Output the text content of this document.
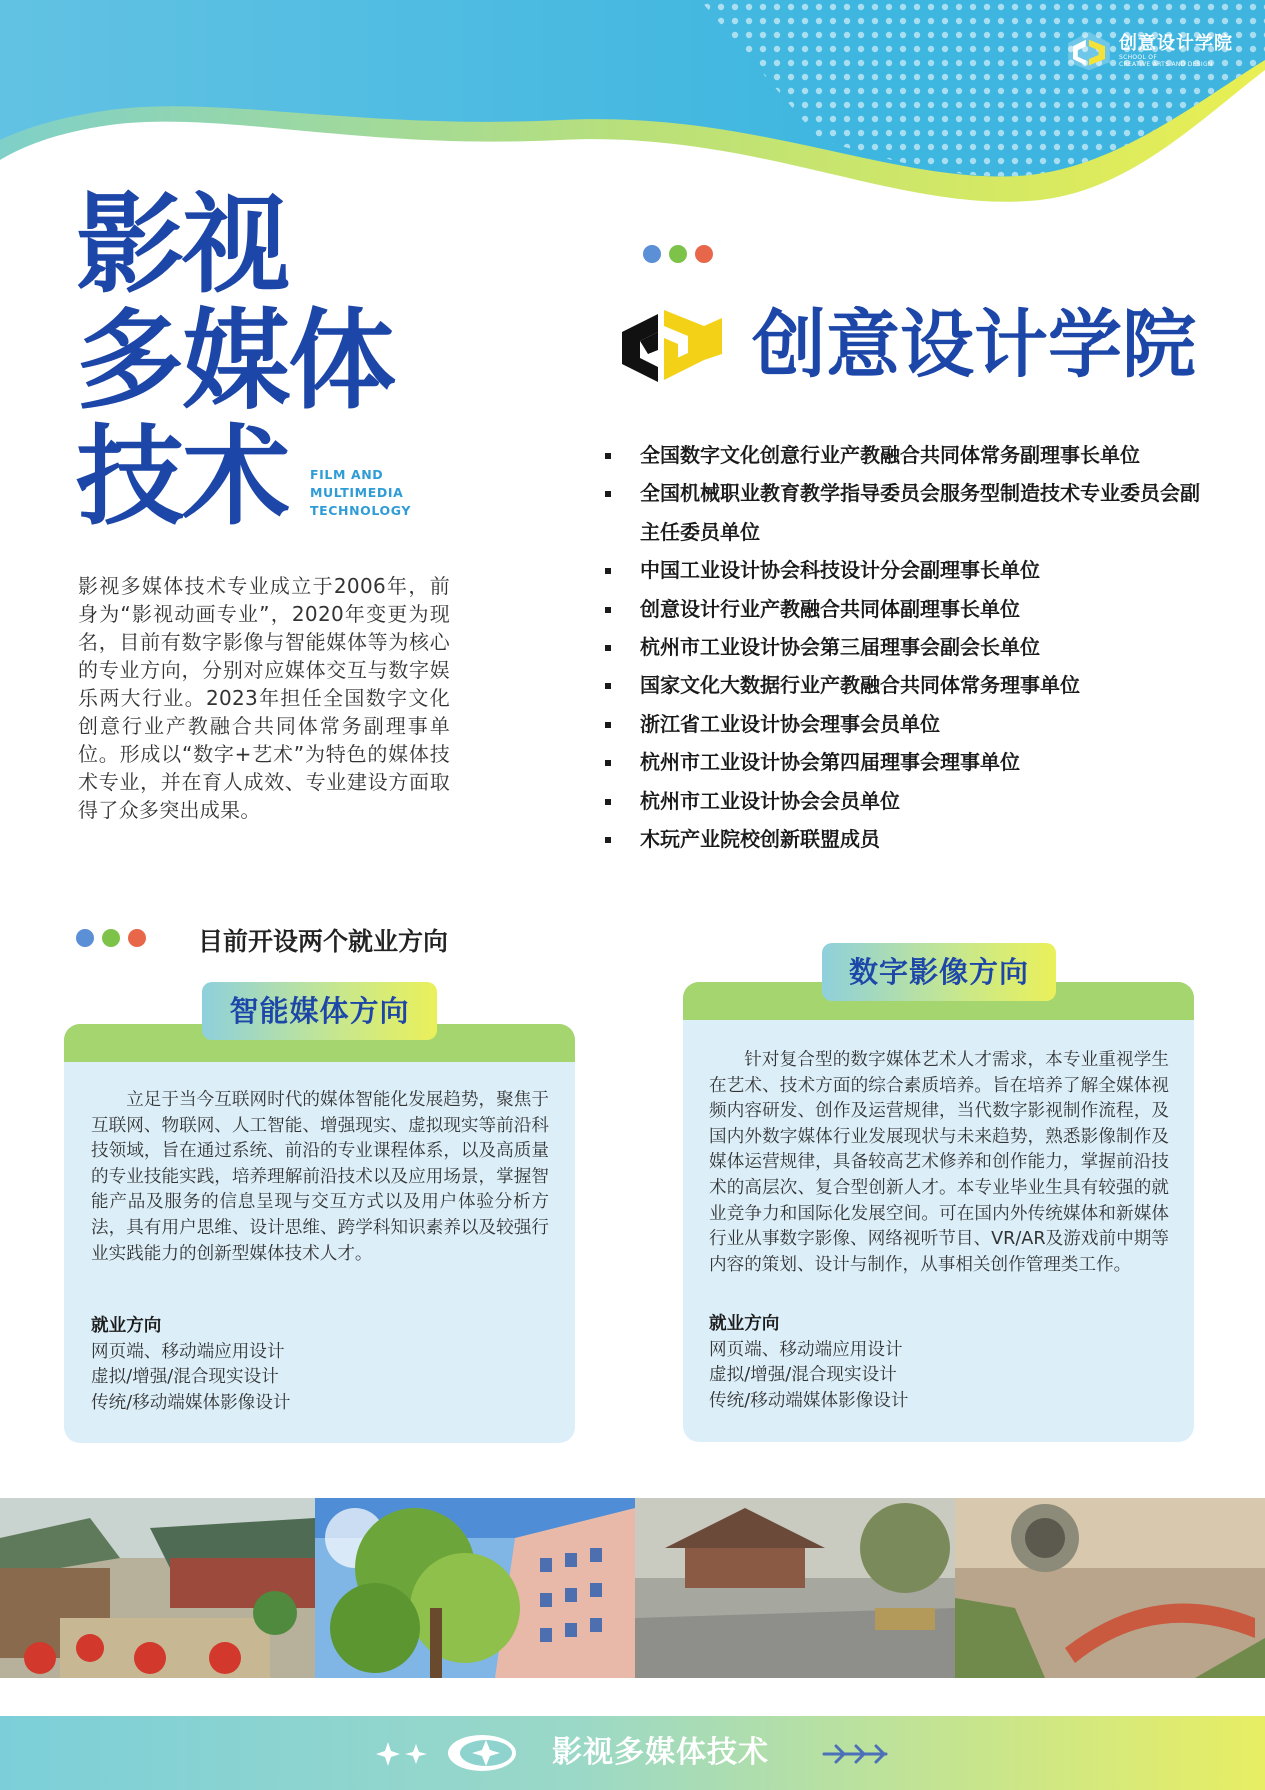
创意设计学院
SCHOOL OF
CREATIVE ARTS AND DESIGN
影视
多媒体
技术	FILM AND
MULTIMEDIA
TECHNOLOGY
影视多媒体技术专业成立于2006年，前身为“影视动画专业”，2020年变更为现名，目前有数字影像与智能媒体等为核心的专业方向，分别对应媒体交互与数字娱乐两大行业。2023年担任全国数字文化创意行业产教融合共同体常务副理事单位。形成以“数字+艺术”为特色的媒体技术专业，并在育人成效、专业建设方面取得了众多突出成果。
创意设计学院
全国数字文化创意行业产教融合共同体常务副理事长单位
全国机械职业教育教学指导委员会服务型制造技术专业委员会副主任委员单位
中国工业设计协会科技设计分会副理事长单位
创意设计行业产教融合共同体副理事长单位
杭州市工业设计协会第三届理事会副会长单位
国家文化大数据行业产教融合共同体常务理事单位
浙江省工业设计协会理事会员单位
杭州市工业设计协会第四届理事会理事单位
杭州市工业设计协会会员单位
木玩产业院校创新联盟成员
目前开设两个就业方向

立足于当今互联网时代的媒体智能化发展趋势，聚焦于互联网、物联网、人工智能、增强现实、虚拟现实等前沿科技领域，旨在通过系统、前沿的专业课程体系，以及高质量的专业技能实践，培养理解前沿技术以及应用场景，掌握智能产品及服务的信息呈现与交互方式以及用户体验分析方法，具有用户思维、设计思维、跨学科知识素养以及较强行业实践能力的创新型媒体技术人才。

就业方向
网页端、移动端应用设计
虚拟/增强/混合现实设计
传统/移动端媒体影像设计
智能媒体方向

针对复合型的数字媒体艺术人才需求，本专业重视学生在艺术、技术方面的综合素质培养。旨在培养了解全媒体视频内容研发、创作及运营规律，当代数字影视制作流程，及国内外数字媒体行业发展现状与未来趋势，熟悉影像制作及媒体运营规律，具备较高艺术修养和创作能力，掌握前沿技术的高层次、复合型创新人才。本专业毕业生具有较强的就业竞争力和国际化发展空间。可在国内外传统媒体和新媒体行业从事数字影像、网络视听节目、VR/AR及游戏前中期等内容的策划、设计与制作，从事相关创作管理类工作。

就业方向
网页端、移动端应用设计
虚拟/增强/混合现实设计
传统/移动端媒体影像设计
数字影像方向
影视多媒体技术
